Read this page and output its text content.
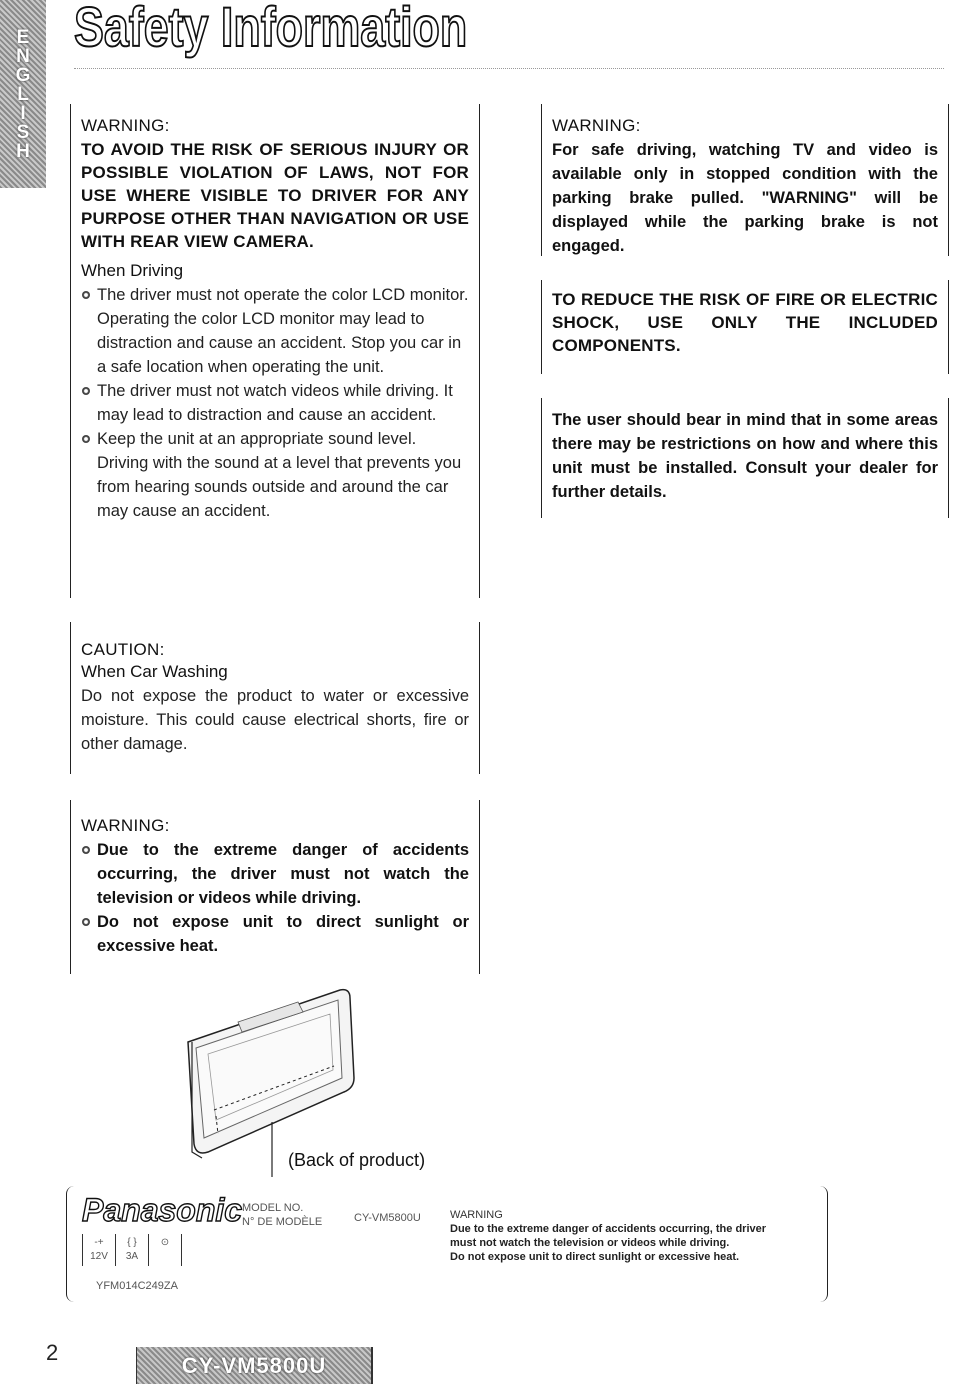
E
N
G
L
I
S
H
Safety Information
WARNING:

TO AVOID THE RISK OF SERIOUS INJURY OR POSSIBLE VIOLATION OF LAWS, NOT FOR USE WHERE VISIBLE TO DRIVER FOR ANY PURPOSE OTHER THAN NAVIGATION OR USE WITH REAR VIEW CAMERA.

When Driving
The driver must not operate the color LCD monitor. Operating the color LCD monitor may lead to distraction and cause an accident. Stop you car in a safe location when operating the unit.
The driver must not watch videos while driving. It may lead to distraction and cause an accident.
Keep the unit at an appropriate sound level. Driving with the sound at a level that prevents you from hearing sounds outside and around the car may cause an accident.
WARNING:

For safe driving, watching TV and video is available only in stopped condition with the parking brake pulled. "WARNING" will be displayed while the parking brake is not engaged.

TO REDUCE THE RISK OF FIRE OR ELECTRIC SHOCK, USE ONLY THE INCLUDED COMPONENTS.

The user should bear in mind that in some areas there may be restrictions on how and where this unit must be installed. Consult your dealer for further details.

CAUTION:
When Car Washing

Do not expose the product to water or excessive moisture. This could cause electrical shorts, fire or other damage.

WARNING:
Due to the extreme danger of accidents occurring, the driver must not watch the television or videos while driving.
Do not expose unit to direct sunlight or excessive heat.
(Back of product)
Panasonic MODEL NO.
N° DE MODÈLE	CY-VM5800U
-+
12V
{ }
3A
⊙
YFM014C249ZA
WARNING
Due to the extreme danger of accidents occurring, the driver
must not watch the television or videos while driving.
Do not expose unit to direct sunlight or excessive heat.
2	CY-VM5800U
